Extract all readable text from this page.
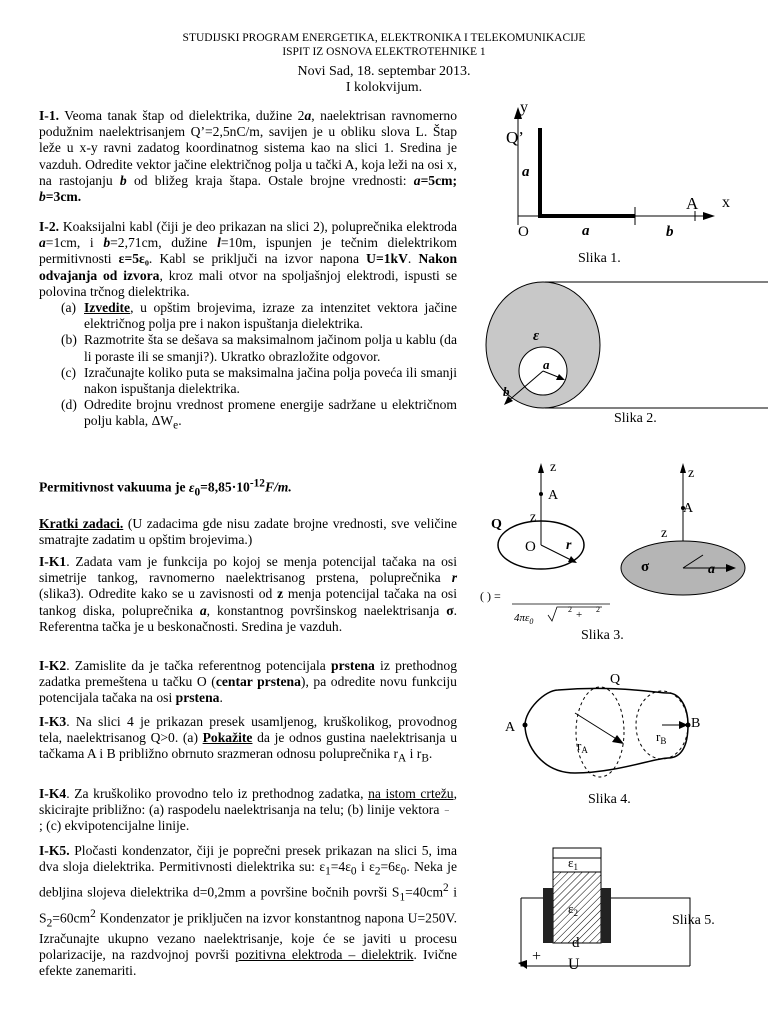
STUDIJSKI PROGRAM ENERGETIKA, ELEKTRONIKA I TELEKOMUNIKACIJE
ISPIT IZ OSNOVA ELEKTROTEHNIKE 1
Novi Sad, 18. septembar 2013.
I kolokvijum.

I-1. Veoma tanak štap od dielektrika, dužine 2a, naelektrisan ravnomerno podužnim naelektrisanjem Q’=2,5nC/m, savijen je u obliku slova L. Štap leže u x-y ravni zadatog koordinatnog sistema kao na slici 1. Sredina je vazduh. Odredite vektor jačine električnog polja u tački A, koja leži na osi x, na rastojanju b od bližeg kraja štapa. Ostale brojne vrednosti: a=5cm; b=3cm.

I-2. Koaksijalni kabl (čiji je deo prikazan na slici 2), poluprečnika elektroda a=1cm, i b=2,71cm, dužine l=10m, ispunjen je tečnim dielektrikom permitivnosti ε=5ε₀. Kabl se priključi na izvor napona U=1kV. Nakon odvajanja od izvora, kroz mali otvor na spoljašnjoj elektrodi, ispusti se polovina trčnog dielektrika.

(a) Izvedite, u opštim brojevima, izraze za intenzitet vektora jačine električnog polja pre i nakon ispuštanja dielektrika.
(b) Razmotrite šta se dešava sa maksimalnom jačinom polja u kablu (da li poraste ili se smanji?). Ukratko obrazložite odgovor.
(c) Izračunajte koliko puta se maksimalna jačina polja poveća ili smanji nakon ispuštanja dielektrika.
(d) Odredite brojnu vrednost promene energije sadržane u električnom polju kabla, $\Delta W_e$.

Permitivnost vakuuma je $\varepsilon_0=8,85\cdot 10^{-12}F/m$.

Kratki zadaci. (U zadacima gde nisu zadate brojne vrednosti, sve veličine smatrajte zadatim u opštim brojevima.)

I-K1. Zadata vam je funkcija po kojoj se menja potencijal tačaka na osi simetrije tankog, ravnomerno naelektrisanog prstena, poluprečnika r (slika3). Odredite kako se u zavisnosti od z menja potencijal tačaka na osi tankog diska, poluprečnika a, konstantnog površinskog naelektrisanja σ. Referentna tačka je u beskonačnosti. Sredina je vazduh.

I-K2. Zamislite da je tačka referentnog potencijala prstena iz prethodnog zadatka premeštena u tačku O (centar prstena), pa odredite novu funkciju potencijala tačaka na osi prstena.

I-K3. Na slici 4 je prikazan presek usamljenog, kruškolikog, provodnog tela, naelektrisanog Q>0. (a) Pokažite da je odnos gustina naelektrisanja u tačkama A i B približno obrnuto srazmeran odnosu poluprečnika $r_A$ i $r_B$.

I-K4. Za kruškoliko provodno telo iz prethodnog zadatka, na istom crtežu, skicirajte približno: (a) raspodelu naelektrisanja na telu; (b) linije vektora ‾
; (c) ekvipotencijalne linije.

I-K5. Pločasti kondenzator, čiji je poprečni presek prikazan na slici 5, ima dva sloja dielektrika. Permitivnosti dielektrika su: $\varepsilon_1=4\varepsilon_0$ i $\varepsilon_2=6\varepsilon_0$. Neka je debljina slojeva dielektrika d=0,2mm a površine bočnih površi $S_1=40cm^2$ i $S_2=60cm^2$ Kondenzator je priključen na izvor konstantnog napona U=250V. Izračunajte ukupno vezano naelektrisanje, koje će se javiti u procesu polarizacije, na razdvojnoj površi pozitivna elektroda – dielektrik. Ivične efekte zanemariti.

y
x
Q’
a
O	a	b
A
Slika 1.
ε
a
b
Slika 2.
z
A
z
Q
O r
z
A
z
σ	a
( ) =
$4\pi\varepsilon_0$
2 + 2
Slika 3.
Q
A	B
$r_A$
$r_B$
Slika 4.
$\varepsilon_1$
$\varepsilon_2$
d
+ U
Slika 5.
